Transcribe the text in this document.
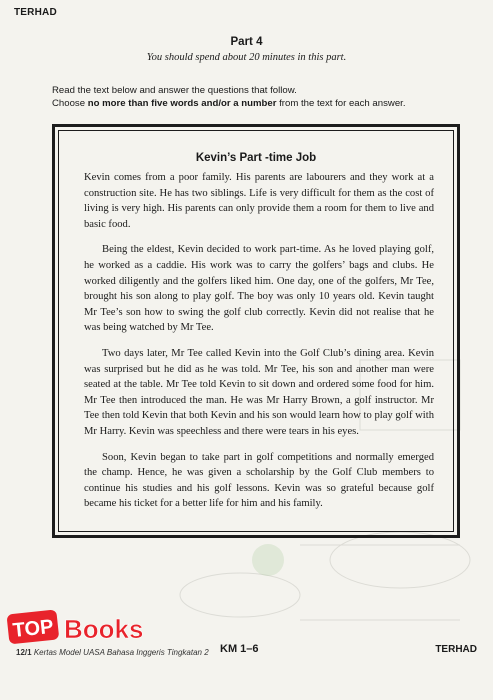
TERHAD
Part 4
You should spend about 20 minutes in this part.

Read the text below and answer the questions that follow.

Choose no more than five words and/or a number from the text for each answer.

Kevin’s Part -time Job

Kevin comes from a poor family. His parents are labourers and they work at a construction site. He has two siblings. Life is very difficult for them as the cost of living is very high. His parents can only provide them a room for them to live and basic food.

Being the eldest, Kevin decided to work part-time. As he loved playing golf, he worked as a caddie. His work was to carry the golfers’ bags and clubs. He worked diligently and the golfers liked him. One day, one of the golfers, Mr Tee, brought his son along to play golf. The boy was only 10 years old. Kevin taught Mr Tee’s son how to swing the golf club correctly. Kevin did not realise that he was being watched by Mr Tee.

Two days later, Mr Tee called Kevin into the Golf Club’s dining area. Kevin was surprised but he did as he was told. Mr Tee, his son and another man were seated at the table. Mr Tee told Kevin to sit down and ordered some food for him. Mr Tee then introduced the man. He was Mr Harry Brown, a golf instructor. Mr Tee then told Kevin that both Kevin and his son would learn how to play golf with Mr Harry. Kevin was speechless and there were tears in his eyes.

Soon, Kevin began to take part in golf competitions and normally emerged the champ. Hence, he was given a scholarship by the Golf Club members to continue his studies and his golf lessons. Kevin was so grateful because golf became his ticket for a better life for him and his family.

TOP Books
12/1 Kertas Model UASA Bahasa Inggeris Tingkatan 2 KM 1–6	TERHAD
